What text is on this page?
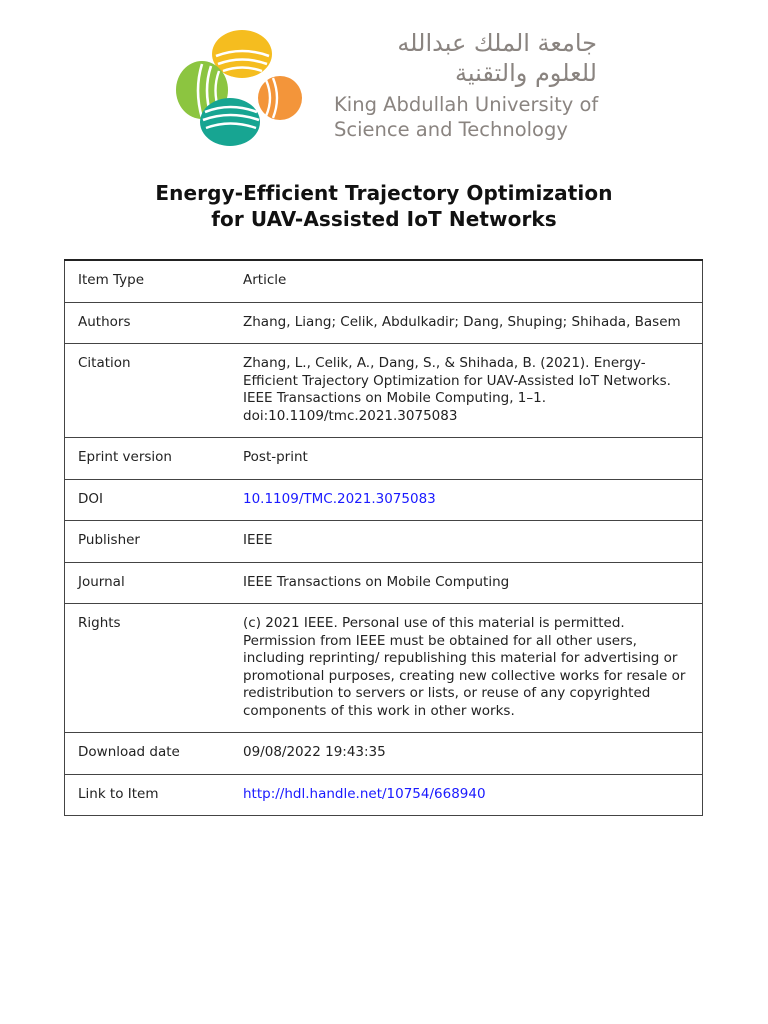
جامعة الملك عبدالله
للعلوم والتقنية
King Abdullah University of
Science and Technology
Energy-Efficient Trajectory Optimization
for UAV-Assisted IoT Networks
Item Type	Article
Authors	Zhang, Liang; Celik, Abdulkadir; Dang, Shuping; Shihada, Basem
Citation	Zhang, L., Celik, A., Dang, S., & Shihada, B. (2021). Energy-Efficient Trajectory Optimization for UAV-Assisted IoT Networks. IEEE Transactions on Mobile Computing, 1–1. doi:10.1109/tmc.2021.3075083
Eprint version	Post-print
DOI	10.1109/TMC.2021.3075083
Publisher	IEEE
Journal	IEEE Transactions on Mobile Computing
Rights	(c) 2021 IEEE. Personal use of this material is permitted. Permission from IEEE must be obtained for all other users, including reprinting/ republishing this material for advertising or promotional purposes, creating new collective works for resale or redistribution to servers or lists, or reuse of any copyrighted components of this work in other works.
Download date	09/08/2022 19:43:35
Link to Item	http://hdl.handle.net/10754/668940
